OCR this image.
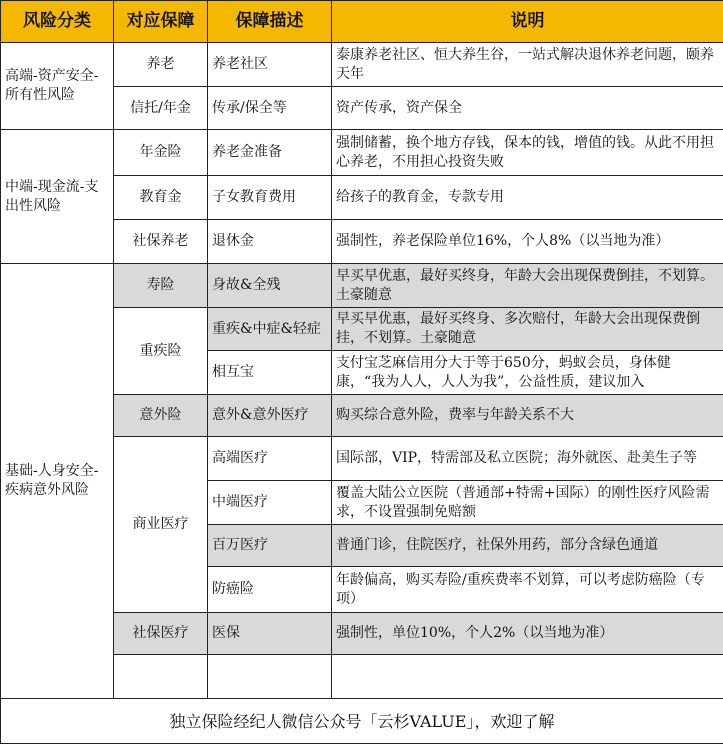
风险分类	对应保障	保障描述	说明
高端-资产安全-所有性风险	养老	养老社区	泰康养老社区、恒大养生谷，一站式解决退休养老问题，颐养天年
	信托/年金	传承/保全等	资产传承，资产保全
中端-现金流-支出性风险	年金险	养老金准备	强制储蓄，换个地方存钱，保本的钱，增值的钱。从此不用担心养老，不用担心投资失败
	教育金	子女教育费用	给孩子的教育金，专款专用
	社保养老	退休金	强制性，养老保险单位16%，个人8%（以当地为准）
基础-人身安全-疾病意外风险	寿险	身故&全残	早买早优惠，最好买终身，年龄大会出现保费倒挂，不划算。土豪随意
	重疾险	重疾&中症&轻症	早买早优惠，最好买终身、多次赔付，年龄大会出现保费倒挂，不划算。土豪随意
		相互宝	支付宝芝麻信用分大于等于650分，蚂蚁会员，身体健康，“我为人人，人人为我”，公益性质，建议加入
	意外险	意外&意外医疗	购买综合意外险，费率与年龄关系不大
	商业医疗	高端医疗	国际部，VIP，特需部及私立医院；海外就医、赴美生子等
		中端医疗	覆盖大陆公立医院（普通部+特需+国际）的刚性医疗风险需求，不设置强制免赔额
		百万医疗	普通门诊，住院医疗，社保外用药，部分含绿色通道
		防癌险	年龄偏高，购买寿险/重疾费率不划算，可以考虑防癌险（专项）
	社保医疗	医保	强制性，单位10%，个人2%（以当地为准）

独立保险经纪人微信公众号「云杉VALUE」，欢迎了解			
